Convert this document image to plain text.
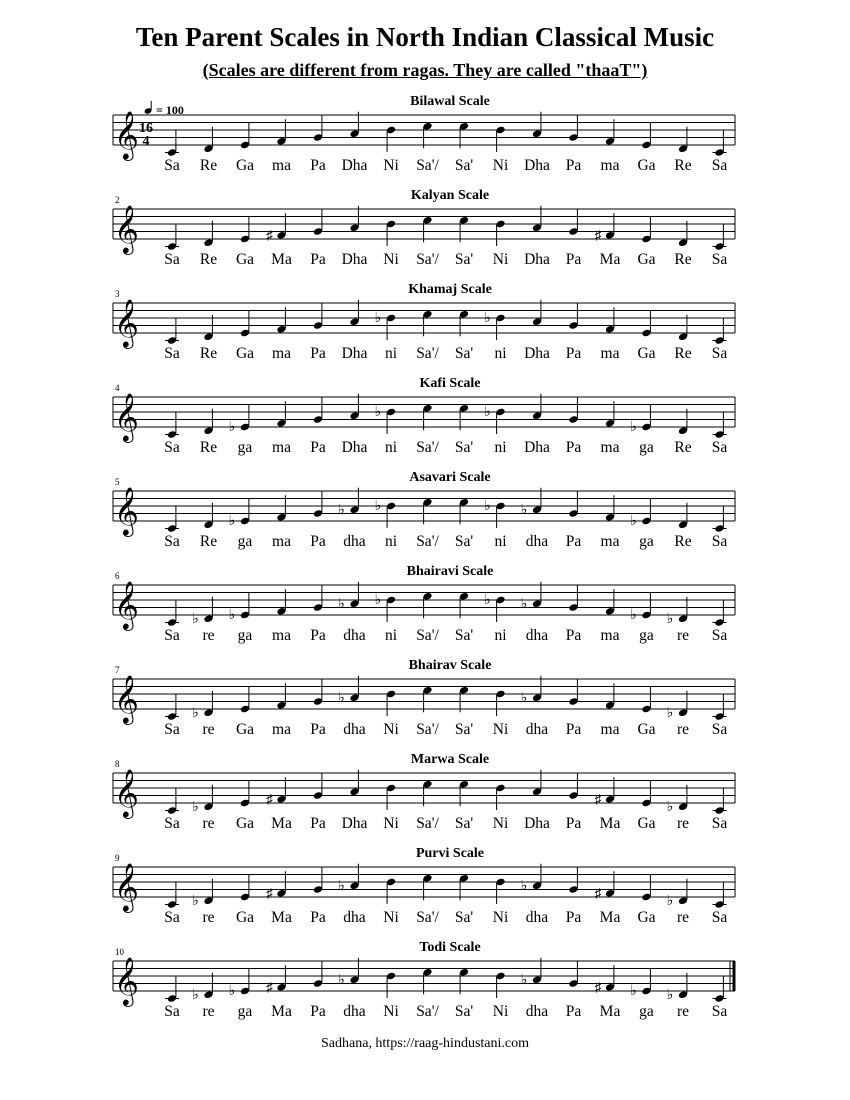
Ten Parent Scales in North Indian Classical Music
(Scales are different from ragas. They are called "thaaT")
= 100
𝄞 16
4
Bilawal Scale
Sa Re Ga ma Pa Dha Ni Sa'/ Sa' Ni Dha Pa ma Ga Re Sa
𝄞
2	Kalyan Scale
♯	♯
Sa Re Ga Ma Pa Dha Ni Sa'/ Sa' Ni Dha Pa Ma Ga Re Sa
𝄞
3	Khamaj Scale
♭	♭
Sa Re Ga ma Pa Dha ni Sa'/ Sa' ni Dha Pa ma Ga Re Sa
𝄞
4	Kafi Scale
♭
♭	♭
♭
Sa Re ga ma Pa Dha ni Sa'/ Sa' ni Dha Pa ma ga Re Sa
𝄞
5	Asavari Scale
♭
♭ ♭	♭ ♭
♭
Sa Re ga ma Pa dha ni Sa'/ Sa' ni dha Pa ma ga Re Sa
𝄞
6	Bhairavi Scale
♭ ♭
♭ ♭	♭ ♭
♭ ♭
Sa re ga ma Pa dha ni Sa'/ Sa' ni dha Pa ma ga re Sa
𝄞
7	Bhairav Scale
♭
♭	♭
♭
Sa re Ga ma Pa dha Ni Sa'/ Sa' Ni dha Pa ma Ga re Sa
𝄞
8	Marwa Scale
♭
♯	♯
♭
Sa re Ga Ma Pa Dha Ni Sa'/ Sa' Ni Dha Pa Ma Ga re Sa
𝄞
9	Purvi Scale
♭
♯	♭	♭	♯
♭
Sa re Ga Ma Pa dha Ni Sa'/ Sa' Ni dha Pa Ma Ga re Sa
𝄞
10	Todi Scale
♭ ♭ ♯	♭	♭	♯ ♭ ♭
Sa re ga Ma Pa dha Ni Sa'/ Sa' Ni dha Pa Ma ga re Sa
Sadhana, https://raag-hindustani.com
